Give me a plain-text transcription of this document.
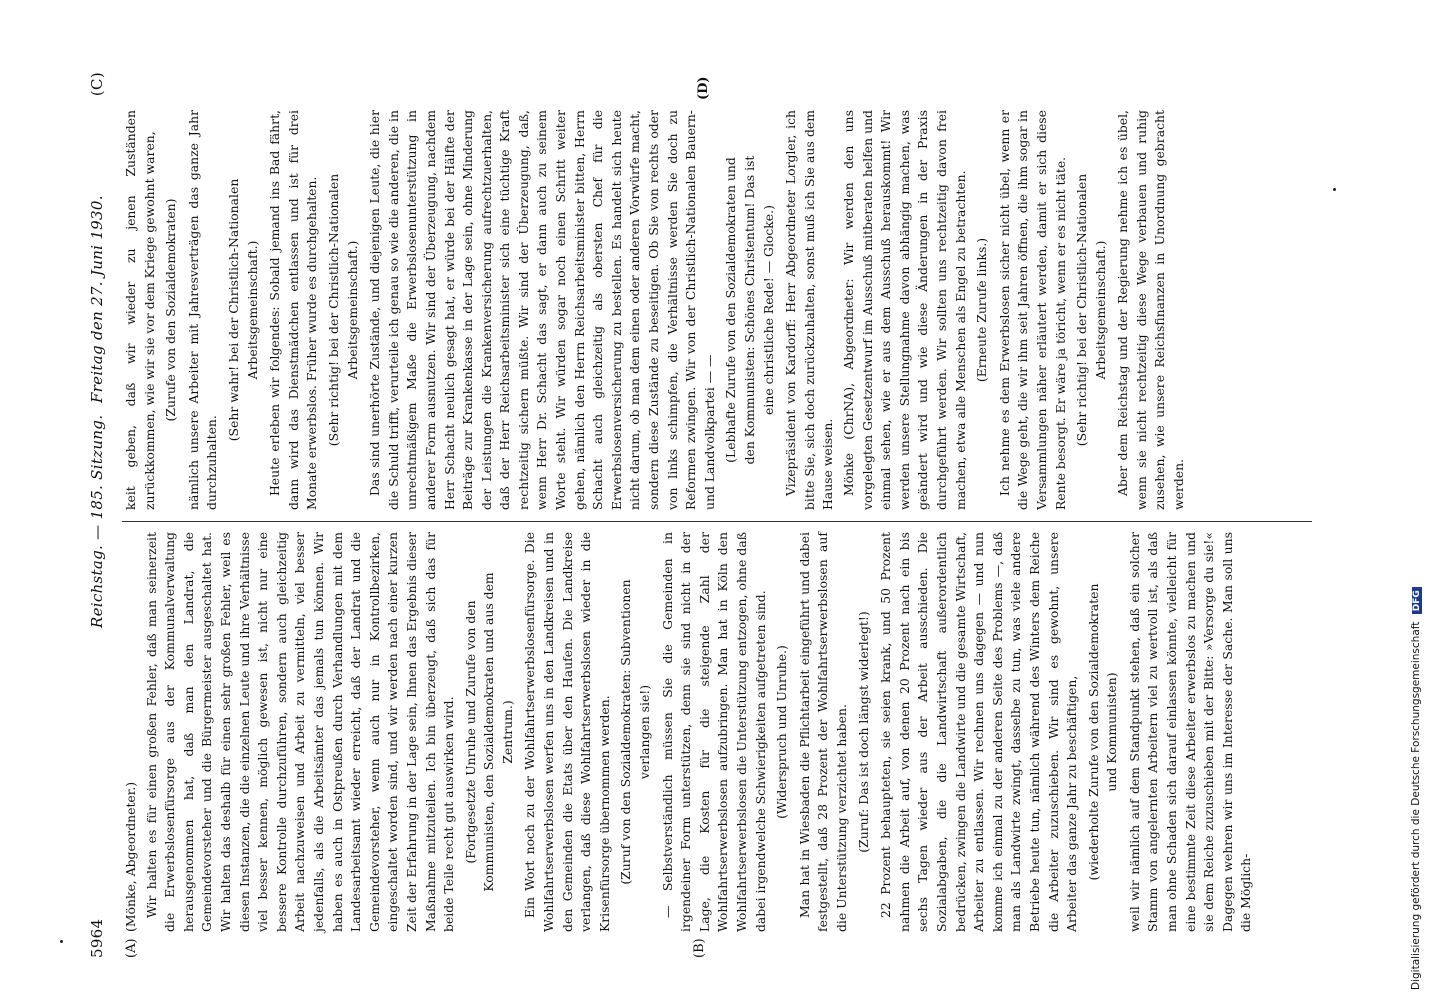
5964
Reichstag. — 185. Sitzung.
Freitag den 27. Juni 1930.
(C)
(A)	(B)
(D)

(Mönke, Abgeordneter.) Wir halten es für einen großen Fehler, daß man seinerzeit die Erwerbslosenfürsorge aus der Kommunalverwaltung herausgenommen hat, daß man den Landrat, die Gemeindevorsteher und die Bürgermeister ausgeschaltet hat. Wir halten das deshalb für einen sehr großen Fehler, weil es diesen Instanzen, die die einzelnen Leute und ihre Verhältnisse viel besser kennen, möglich gewesen ist, nicht nur eine bessere Kontrolle durchzuführen, sondern auch gleichzeitig Arbeit nachzuweisen und Arbeit zu vermitteln, viel besser jedenfalls, als die Arbeitsämter das jemals tun können. Wir haben es auch in Ostpreußen durch Verhandlungen mit dem Landesarbeitsamt wieder erreicht, daß der Landrat und die Gemeindevorsteher, wenn auch nur in Kontrollbezirken, eingeschaltet worden sind, und wir werden nach einer kurzen Zeit der Erfahrung in der Lage sein, Ihnen das Ergebnis dieser Maßnahme mitzuteilen. Ich bin überzeugt, daß sich das für beide Teile recht gut auswirken wird. (Fortgesetzte Unruhe und Zurufe von den Kommunisten, den Sozialdemokraten und aus dem Zentrum.) Ein Wort noch zu der Wohlfahrtserwerbslosenfürsorge. Die Wohlfahrtserwerbslosen werfen uns in den Landkreisen und in den Gemeinden die Etats über den Haufen. Die Landkreise verlangen, daß diese Wohlfahrtserwerbslosen wieder in die Krisenfürsorge übernommen werden. (Zuruf von den Sozialdemokraten: Subventionen verlangen sie!) — Selbstverständlich müssen Sie die Gemeinden in irgendeiner Form unterstützen, denn sie sind nicht in der Lage, die Kosten für die steigende Zahl der Wohlfahrtserwerbslosen aufzubringen. Man hat in Köln den Wohlfahrtserwerbslosen die Unterstützung entzogen, ohne daß dabei irgendwelche Schwierigkeiten aufgetreten sind. (Widerspruch und Unruhe.) Man hat in Wiesbaden die Pflichtarbeit eingeführt und dabei festgestellt, daß 28 Prozent der Wohlfahrtserwerbslosen auf die Unterstützung verzichtet haben. (Zuruf: Das ist doch längst widerlegt!) 22 Prozent behaupteten, sie seien krank, und 50 Prozent nahmen die Arbeit auf, von denen 20 Prozent nach ein bis sechs Tagen wieder aus der Arbeit ausschieden. Die Sozialabgaben, die die Landwirtschaft außerordentlich bedrücken, zwingen die Landwirte und die gesamte Wirtschaft, Arbeiter zu entlassen. Wir rechnen uns dagegen — und nun komme ich einmal zu der anderen Seite des Problems —, daß man als Landwirte zwingt, dasselbe zu tun, was viele andere Betriebe heute tun, nämlich während des Winters dem Reiche die Arbeiter zuzuschieben. Wir sind es gewohnt, unsere Arbeiter das ganze Jahr zu beschäftigen, (wiederholte Zurufe von den Sozialdemokraten und Kommunisten) weil wir nämlich auf dem Standpunkt stehen, daß ein solcher Stamm von angelernten Arbeitern viel zu wertvoll ist, als daß man ohne Schaden sich darauf einlassen könnte, vielleicht für eine bestimmte Zeit diese Arbeiter erwerbslos zu machen und sie dem Reiche zuzuschieben mit der Bitte: »Versorge du sie!« Dagegen wehren wir uns im Interesse der Sache. Man soll uns die Möglich-

keit geben, daß wir wieder zu jenen Zuständen zurückkommen, wie wir sie vor dem Kriege gewohnt waren, (Zurufe von den Sozialdemokraten) nämlich unsere Arbeiter mit Jahresverträgen das ganze Jahr durchzuhalten.

(Sehr wahr! bei der Christlich-Nationalen Arbeitsgemeinschaft.) Heute erleben wir folgendes: Sobald jemand ins Bad fährt, dann wird das Dienstmädchen entlassen und ist für drei Monate erwerbslos. Früher wurde es durchgehalten. (Sehr richtig! bei der Christlich-Nationalen Arbeitsgemeinschaft.) Das sind unerhörte Zustände, und diejenigen Leute, die hier die Schuld trifft, verurteile ich genau so wie die anderen, die in unrechtmäßigem Maße die Erwerbslosenunterstützung in anderer Form ausnutzen. Wir sind der Überzeugung, nachdem Herr Schacht neulich gesagt hat, er würde bei der Hälfte der Beiträge zur Krankenkasse in der Lage sein, ohne Minderung der Leistungen die Krankenversicherung aufrechtzuerhalten, daß der Herr Reichsarbeitsminister sich eine tüchtige Kraft rechtzeitig sichern müßte. Wir sind der Überzeugung, daß, wenn Herr Dr. Schacht das sagt, er dann auch zu seinem Worte steht. Wir würden sogar noch einen Schritt weiter gehen, nämlich den Herrn Reichsarbeitsminister bitten, Herrn Schacht auch gleichzeitig als obersten Chef für die Erwerbslosenversicherung zu bestellen. Es handelt sich heute nicht darum, ob man dem einen oder anderen Vorwürfe macht, sondern diese Zustände zu beseitigen. Ob Sie von rechts oder von links schimpfen, die Verhältnisse werden Sie doch zu Reformen zwingen. Wir von der Christlich-Nationalen Bauern- und Landvolkpartei — — (Lebhafte Zurufe von den Sozialdemokraten und den Kommunisten: Schönes Christentum! Das ist eine christliche Rede! — Glocke.) Vizepräsident von Kardorff: Herr Abgeordneter Lorgler, ich bitte Sie, sich doch zurückzuhalten, sonst muß ich Sie aus dem Hause weisen. Mönke (ChrNA), Abgeordneter: Wir werden den uns vorgelegten Gesetzentwurf im Ausschuß mitberaten helfen und einmal sehen, wie er aus dem Ausschuß herauskommt! Wir werden unsere Stellungnahme davon abhängig machen, was geändert wird und wie diese Änderungen in der Praxis durchgeführt werden. Wir sollten uns rechtzeitig davon frei machen, etwa alle Menschen als Engel zu betrachten. (Erneute Zurufe links.) Ich nehme es dem Erwerbslosen sicher nicht übel, wenn er die Wege geht, die wir ihm seit Jahren öffnen, die ihm sogar in Versammlungen näher erläutert werden, damit er sich diese Rente besorgt. Er wäre ja töricht, wenn er es nicht täte. (Sehr richtig! bei der Christlich-Nationalen Arbeitsgemeinschaft.) Aber dem Reichstag und der Regierung nehme ich es übel, wenn sie nicht rechtzeitig diese Wege verbauen und ruhig zusehen, wie unsere Reichsfinanzen in Unordnung gebracht werden.

Digitalisierung gefördert durch die Deutsche Forschungsgemeinschaft DFG
